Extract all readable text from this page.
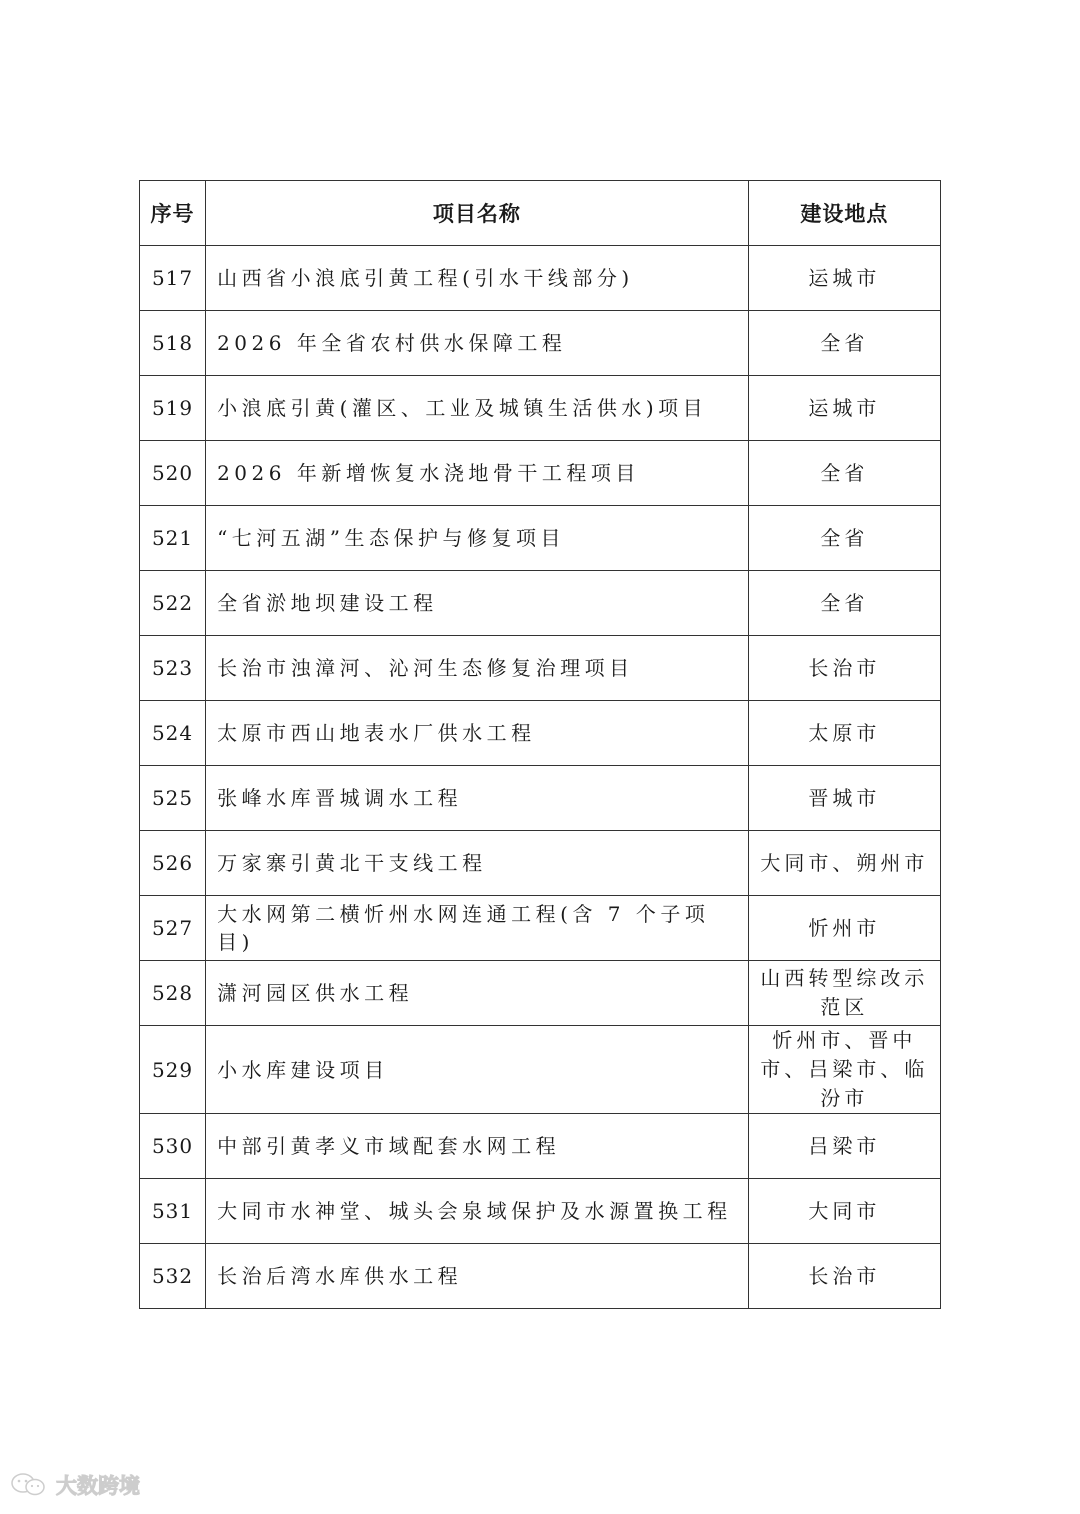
序号	项目名称	建设地点
517	山西省小浪底引黄工程(引水干线部分)	运城市
518	2026 年全省农村供水保障工程	全省
519	小浪底引黄(灌区、工业及城镇生活供水)项目	运城市
520	2026 年新增恢复水浇地骨干工程项目	全省
521	“七河五湖”生态保护与修复项目	全省
522	全省淤地坝建设工程	全省
523	长治市浊漳河、沁河生态修复治理项目	长治市
524	太原市西山地表水厂供水工程	太原市
525	张峰水库晋城调水工程	晋城市
526	万家寨引黄北干支线工程	大同市、朔州市
527	大水网第二横忻州水网连通工程(含 7 个子项目)	忻州市
528	潇河园区供水工程	山西转型综改示范区
529	小水库建设项目	忻州市、晋中市、吕梁市、临汾市
530	中部引黄孝义市域配套水网工程	吕梁市
531	大同市水神堂、城头会泉域保护及水源置换工程	大同市
532	长治后湾水库供水工程	长治市
大数跨境
